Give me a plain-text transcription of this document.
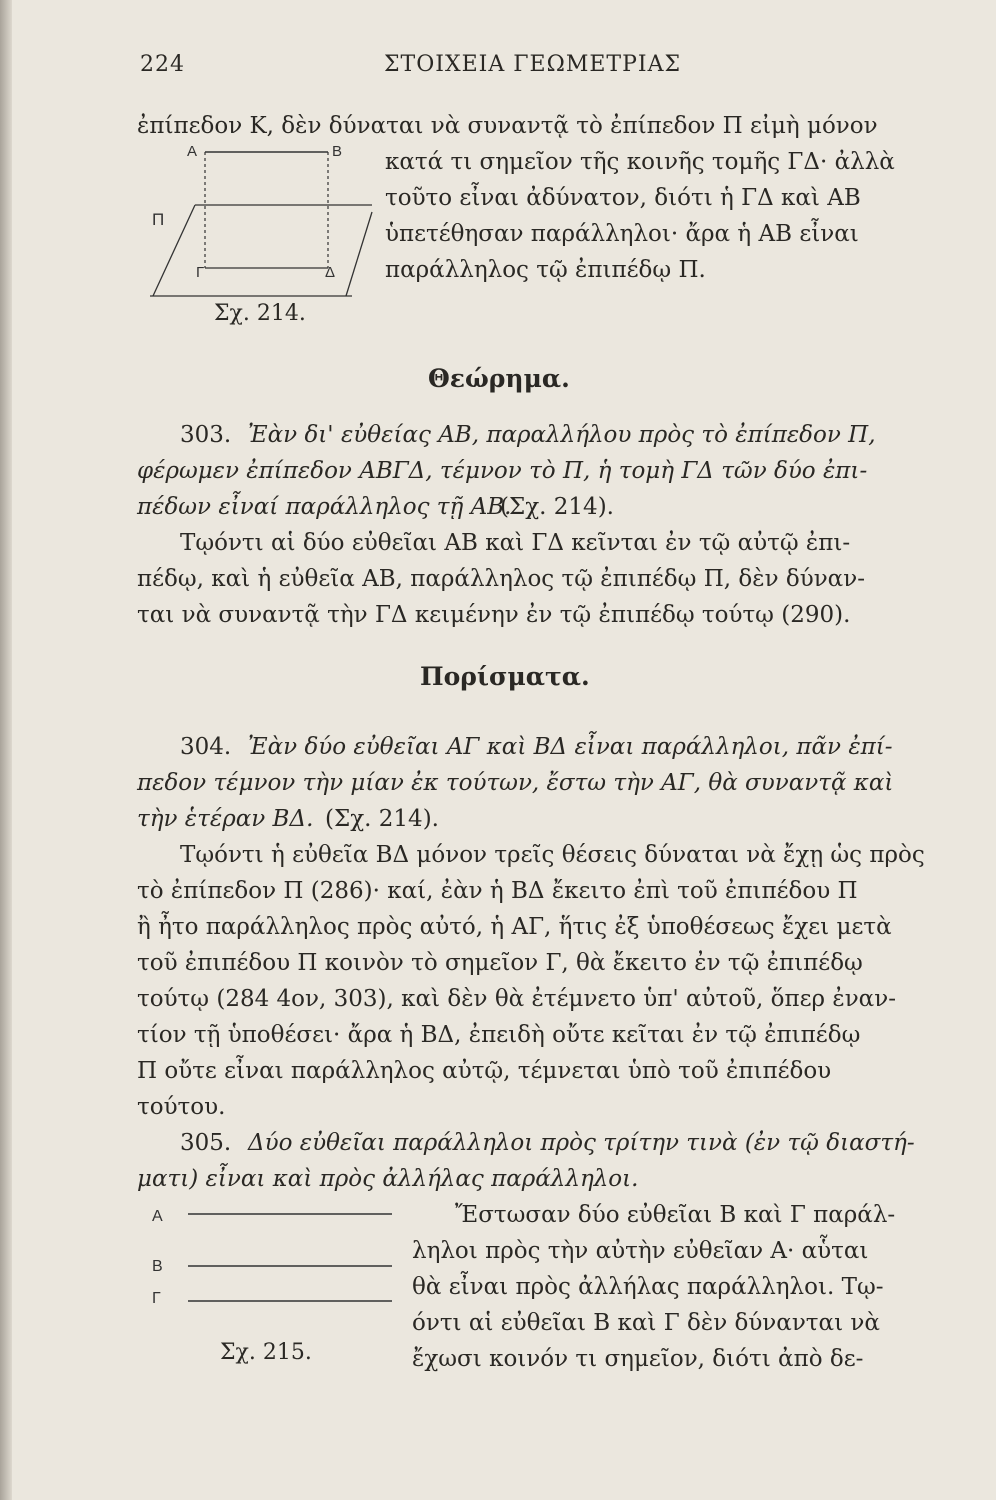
224	ΣΤΟΙΧΕΙΑ ΓΕΩΜΕΤΡΙΑΣ
ἐπίπεδον Κ, δὲν δύναται νὰ συναντᾷ τὸ ἐπίπεδον Π εἰμὴ μόνον
κατά τι σημεῖον τῆς κοινῆς τομῆς ΓΔ· ἀλλὰ
τοῦτο εἶναι ἀδύνατον, διότι ἡ ΓΔ καὶ ΑΒ
ὑπετέθησαν παράλληλοι· ἄρα ἡ ΑΒ εἶναι
παράλληλος τῷ ἐπιπέδῳ Π.
A	B
Π
Γ	Δ
Σχ. 214.
Θεώρημα.
303. Ἐὰν δι' εὐθείας ΑΒ, παραλλήλου πρὸς τὸ ἐπίπεδον Π,
φέρωμεν ἐπίπεδον ΑΒΓΔ, τέμνον τὸ Π, ἡ τομὴ ΓΔ τῶν δύο ἐπι-
πέδων εἶναί παράλληλος τῇ ΑΒ.
(Σχ. 214).
Τῳόντι αἱ δύο εὐθεῖαι ΑΒ καὶ ΓΔ κεῖνται ἐν τῷ αὐτῷ ἐπι-
πέδῳ, καὶ ἡ εὐθεῖα ΑΒ, παράλληλος τῷ ἐπιπέδῳ Π, δὲν δύναν-
ται νὰ συναντᾷ τὴν ΓΔ κειμένην ἐν τῷ ἐπιπέδῳ τούτῳ (290).
Πορίσματα.
304. Ἐὰν δύο εὐθεῖαι ΑΓ καὶ ΒΔ εἶναι παράλληλοι, πᾶν ἐπί-
πεδον τέμνον τὴν μίαν ἐκ τούτων, ἔστω τὴν ΑΓ, θὰ συναντᾷ καὶ
τὴν ἑτέραν ΒΔ. (Σχ. 214).
Τῳόντι ἡ εὐθεῖα ΒΔ μόνον τρεῖς θέσεις δύναται νὰ ἔχῃ ὡς πρὸς
τὸ ἐπίπεδον Π (286)· καί, ἐὰν ἡ ΒΔ ἔκειτο ἐπὶ τοῦ ἐπιπέδου Π
ἢ ἦτο παράλληλος πρὸς αὐτό, ἡ ΑΓ, ἥτις ἐξ ὑποθέσεως ἔχει μετὰ
τοῦ ἐπιπέδου Π κοινὸν τὸ σημεῖον Γ, θὰ ἔκειτο ἐν τῷ ἐπιπέδῳ
τούτῳ (284 4ον, 303), καὶ δὲν θὰ ἐτέμνετο ὑπ' αὐτοῦ, ὅπερ ἐναν-
τίον τῇ ὑποθέσει· ἄρα ἡ ΒΔ, ἐπειδὴ οὔτε κεῖται ἐν τῷ ἐπιπέδῳ
Π οὔτε εἶναι παράλληλος αὐτῷ, τέμνεται ὑπὸ τοῦ ἐπιπέδου
τούτου.
305. Δύο εὐθεῖαι παράλληλοι πρὸς τρίτην τινὰ (ἐν τῷ διαστή-
ματι) εἶναι καὶ πρὸς ἀλλήλας παράλληλοι.
Ἔστωσαν δύο εὐθεῖαι Β καὶ Γ παράλ-
ληλοι πρὸς τὴν αὐτὴν εὐθεῖαν Α· αὗται
θὰ εἶναι πρὸς ἀλλήλας παράλληλοι. Τῳ-
όντι αἱ εὐθεῖαι Β καὶ Γ δὲν δύνανται νὰ
ἔχωσι κοινόν τι σημεῖον, διότι ἀπὸ δε-
A
B
Γ
Σχ. 215.
